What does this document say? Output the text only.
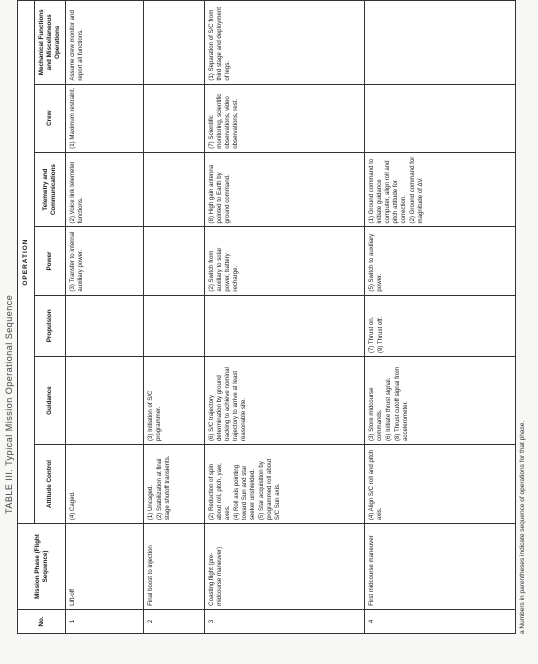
TABLE III. Typical Mission Operational Sequence
No.	Mission Phase (Flight Sequence)	OPERATION						
		Attitude Control	Guidance	Propulsion	Power	Telemetry and Communications	Crew	Mechanical Functions and Miscellaneous Operations
1	Lift-off	(4) Caged.			(3) Transfer to internal auxiliary power.	(2) Voice link telemeter functions.	(1) Maximum restraint.	Assume crew monitor and report all functions.

2	Final boost to injection	(1) Uncaged. (2) Stabilization at final stage shutoff transients.	(3) Initiation of S/C programmer.					

3	Coasting flight (pre-midcourse maneuver)	(2) Reduction of spin about roll, pitch, yaw, axes. (4) Roll axis pointing toward Sun and star seeker unshielded. (5) Star acquisition by programmed roll about S/C Sun axis.	(6) S/C trajectory determination by ground tracking to achieve nominal trajectory to arrive at least reasonable site.		(2) Switch from auxiliary to solar power, battery recharge.	(8) High gain antenna pointed to Earth by ground command.	(7) Scientific monitoring, scientific observations, video observations, rest.	(1) Separation of S/C from third stage and deployment of legs.

4	First midcourse maneuver	(4) Align S/C roll and pitch axis.	(3) Store midcourse commands. (6) Initiate thrust signal. (8) Thrust cutoff signal from accelerometer.	(7) Thrust on. (9) Thrust off.	(5) Switch to auxiliary power.	(1) Ground command to initiate guidance computer, align roll and pitch attitude for correction. (2) Ground command for magnitude of ΔV.		

a Numbers in parentheses indicate sequence of operations for that phase.
